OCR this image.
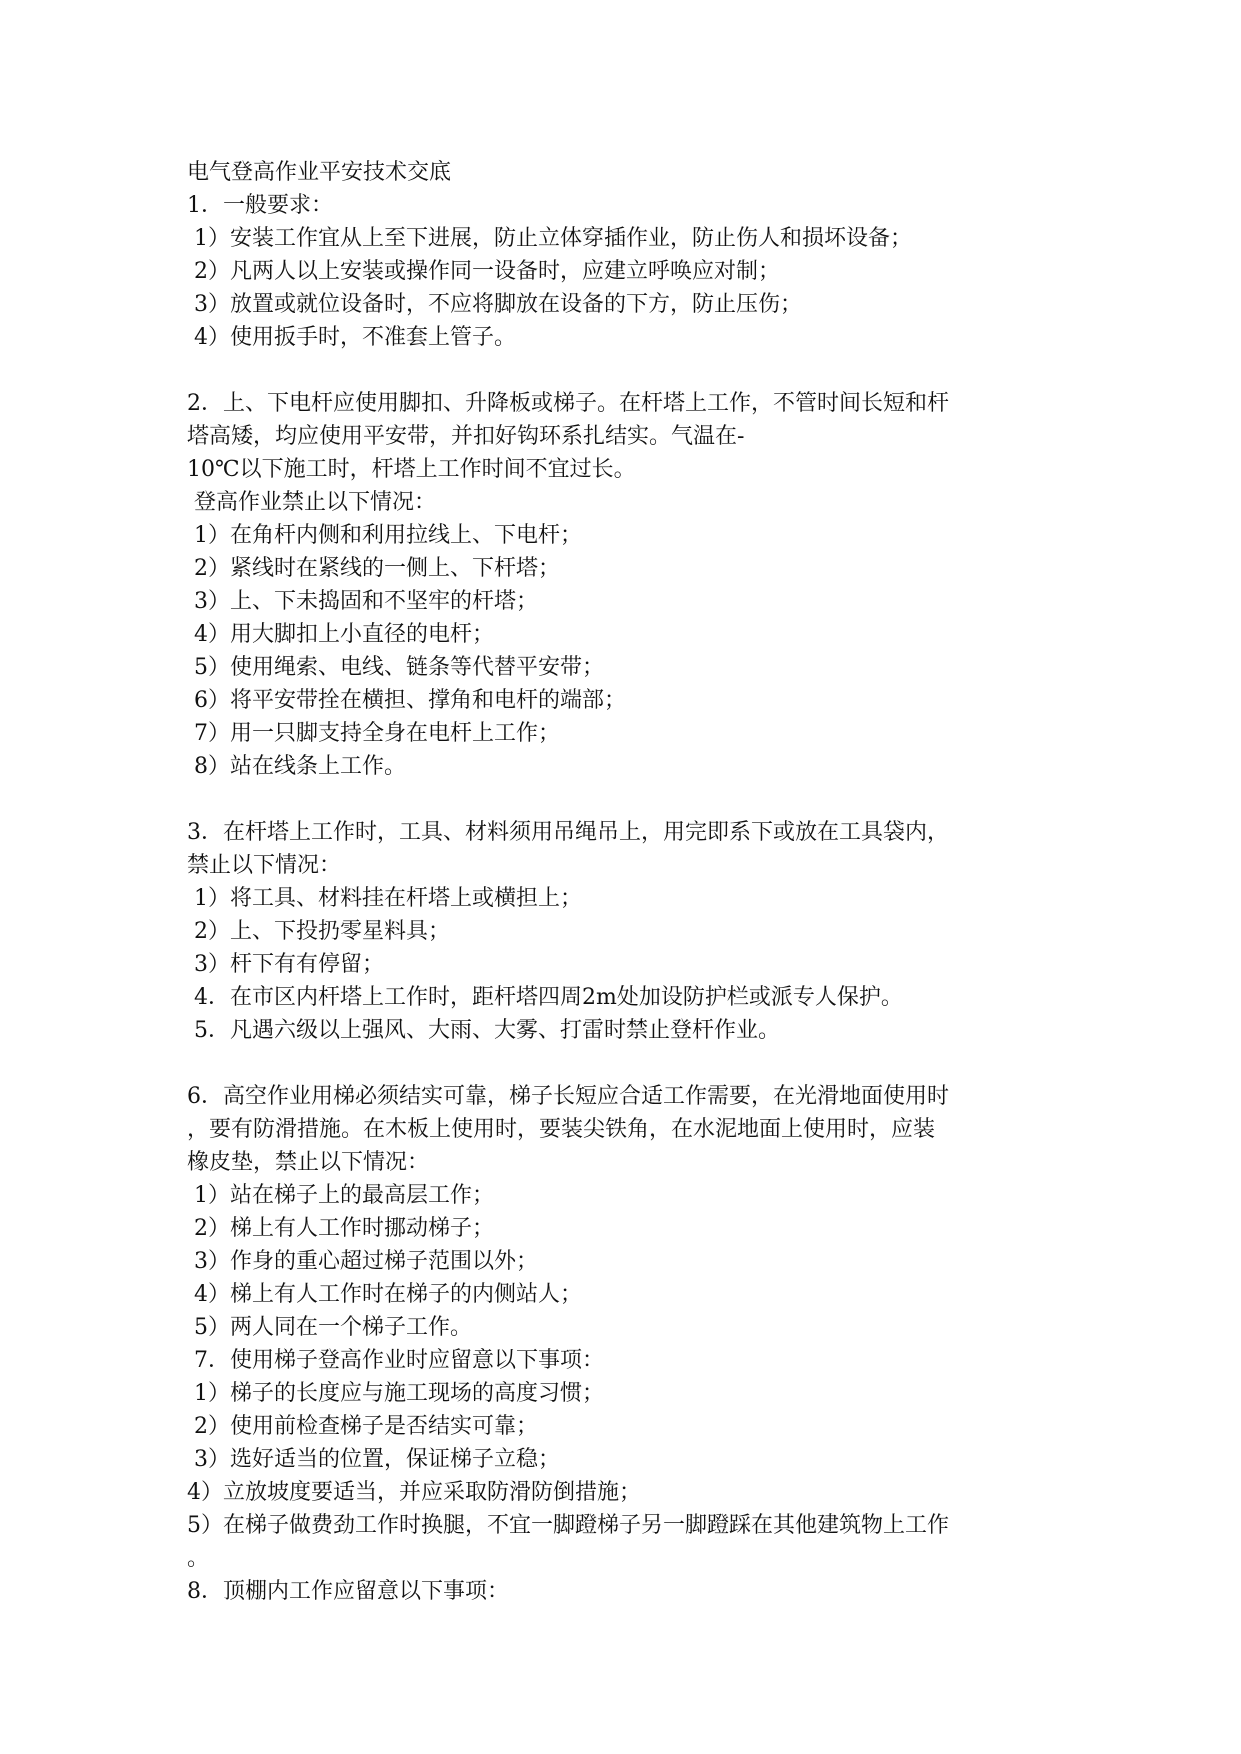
电气登高作业平安技术交底
1．一般要求：
1）安装工作宜从上至下进展，防止立体穿插作业，防止伤人和损坏设备；
2）凡两人以上安装或操作同一设备时，应建立呼唤应对制；
3）放置或就位设备时，不应将脚放在设备的下方，防止压伤；
4）使用扳手时，不准套上管子。
2．上、下电杆应使用脚扣、升降板或梯子。在杆塔上工作，不管时间长短和杆
塔高矮，均应使用平安带，并扣好钩环系扎结实。气温在-
10℃以下施工时，杆塔上工作时间不宜过长。
登高作业禁止以下情况：
1）在角杆内侧和利用拉线上、下电杆；
2）紧线时在紧线的一侧上、下杆塔；
3）上、下未捣固和不坚牢的杆塔；
4）用大脚扣上小直径的电杆；
5）使用绳索、电线、链条等代替平安带；
6）将平安带拴在横担、撑角和电杆的端部；
7）用一只脚支持全身在电杆上工作；
8）站在线条上工作。
3．在杆塔上工作时，工具、材料须用吊绳吊上，用完即系下或放在工具袋内，
禁止以下情况：
1）将工具、材料挂在杆塔上或横担上；
2）上、下投扔零星料具；
3）杆下有有停留；
4．在市区内杆塔上工作时，距杆塔四周2m处加设防护栏或派专人保护。
5．凡遇六级以上强风、大雨、大雾、打雷时禁止登杆作业。
6．高空作业用梯必须结实可靠，梯子长短应合适工作需要，在光滑地面使用时
，要有防滑措施。在木板上使用时，要装尖铁角，在水泥地面上使用时，应装
橡皮垫，禁止以下情况：
1）站在梯子上的最高层工作；
2）梯上有人工作时挪动梯子；
3）作身的重心超过梯子范围以外；
4）梯上有人工作时在梯子的内侧站人；
5）两人同在一个梯子工作。
7．使用梯子登高作业时应留意以下事项：
1）梯子的长度应与施工现场的高度习惯；
2）使用前检查梯子是否结实可靠；
3）选好适当的位置，保证梯子立稳；
4）立放坡度要适当，并应采取防滑防倒措施；
5）在梯子做费劲工作时换腿，不宜一脚蹬梯子另一脚蹬踩在其他建筑物上工作
。
8．顶棚内工作应留意以下事项：
